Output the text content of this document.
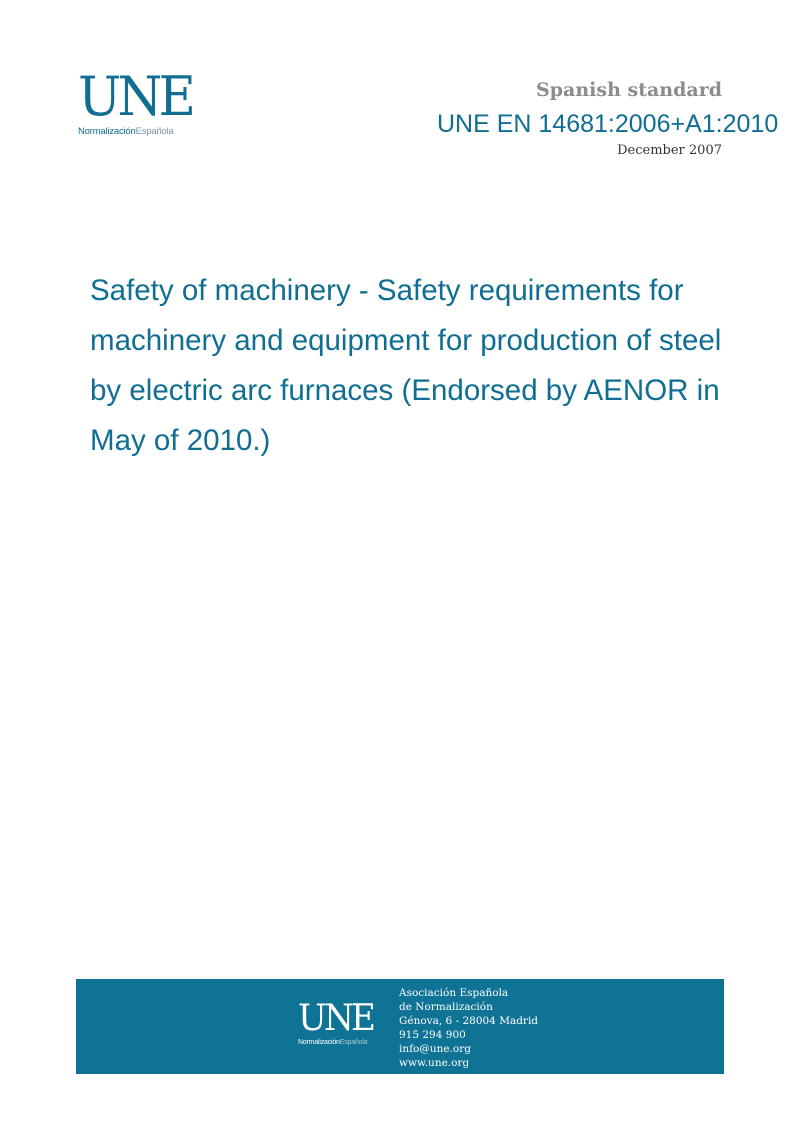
UNE
NormalizaciónEspañola
Spanish standard
UNE EN 14681:2006+A1:2010
December 2007
Safety of machinery - Safety requirements for machinery and equipment for production of steel by electric arc furnaces (Endorsed by AENOR in May of 2010.)
UNE
NormalizaciónEspañola
Asociación Española
de Normalización
Génova, 6 - 28004 Madrid
915 294 900
info@une.org
www.une.org
